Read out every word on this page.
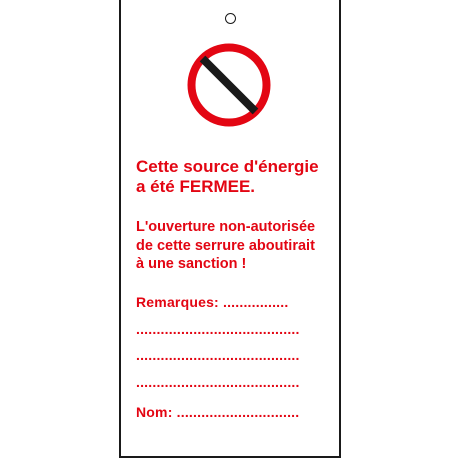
Cette source d'énergie
a été FERMEE.

L'ouverture non-autorisée
de cette serrure aboutirait
à une sanction !

Remarques: ................

........................................

........................................

........................................

Nom: ..............................
